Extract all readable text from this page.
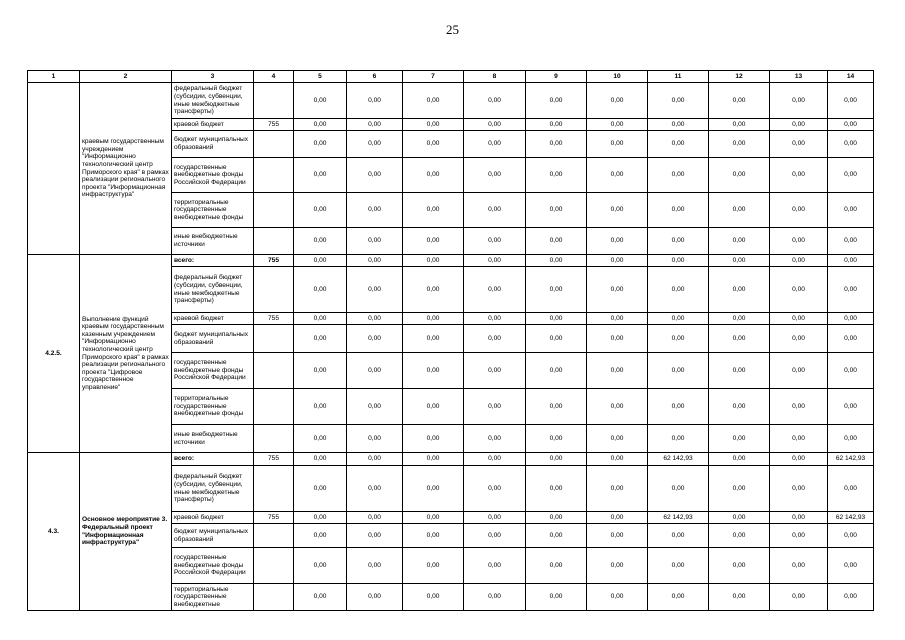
25
1	2	3	4	5	6	7	8	9	10	11	12	13	14
	краевым государственным учреждением "Информационно технологический центр Приморского края" в рамках реализации регионального проекта "Информационная инфраструктура"	федеральный бюджет (субсидии, субвенции, иные межбюджетные трансферты)		0,00	0,00	0,00	0,00	0,00	0,00	0,00	0,00	0,00	0,00
		краевой бюджет	755	0,00	0,00	0,00	0,00	0,00	0,00	0,00	0,00	0,00	0,00
		бюджет муниципальных образований		0,00	0,00	0,00	0,00	0,00	0,00	0,00	0,00	0,00	0,00
		государственные внебюджетные фонды Российской Федерации		0,00	0,00	0,00	0,00	0,00	0,00	0,00	0,00	0,00	0,00
		территориальные государственные внебюджетные фонды		0,00	0,00	0,00	0,00	0,00	0,00	0,00	0,00	0,00	0,00
		иные внебюджетные источники		0,00	0,00	0,00	0,00	0,00	0,00	0,00	0,00	0,00	0,00
4.2.5.	Выполнение функций краевым государственным казенным учреждением "Информационно технологический центр Приморского края" в рамках реализации регионального проекта "Цифровое государственное управление"	всего:	755	0,00	0,00	0,00	0,00	0,00	0,00	0,00	0,00	0,00	0,00
		федеральный бюджет (субсидии, субвенции, иные межбюджетные трансферты)		0,00	0,00	0,00	0,00	0,00	0,00	0,00	0,00	0,00	0,00
		краевой бюджет	755	0,00	0,00	0,00	0,00	0,00	0,00	0,00	0,00	0,00	0,00
		бюджет муниципальных образований		0,00	0,00	0,00	0,00	0,00	0,00	0,00	0,00	0,00	0,00
		государственные внебюджетные фонды Российской Федерации		0,00	0,00	0,00	0,00	0,00	0,00	0,00	0,00	0,00	0,00
		территориальные государственные внебюджетные фонды		0,00	0,00	0,00	0,00	0,00	0,00	0,00	0,00	0,00	0,00
		иные внебюджетные источники		0,00	0,00	0,00	0,00	0,00	0,00	0,00	0,00	0,00	0,00
4.3.	Основное мероприятие 3. Федеральный проект "Информационная инфраструктура"	всего:	755	0,00	0,00	0,00	0,00	0,00	0,00	62 142,93	0,00	0,00	62 142,93
		федеральный бюджет (субсидии, субвенции, иные межбюджетные трансферты)		0,00	0,00	0,00	0,00	0,00	0,00	0,00	0,00	0,00	0,00
		краевой бюджет	755	0,00	0,00	0,00	0,00	0,00	0,00	62 142,93	0,00	0,00	62 142,93
		бюджет муниципальных образований		0,00	0,00	0,00	0,00	0,00	0,00	0,00	0,00	0,00	0,00
		государственные внебюджетные фонды Российской Федерации		0,00	0,00	0,00	0,00	0,00	0,00	0,00	0,00	0,00	0,00
		территориальные государственные внебюджетные		0,00	0,00	0,00	0,00	0,00	0,00	0,00	0,00	0,00	0,00
